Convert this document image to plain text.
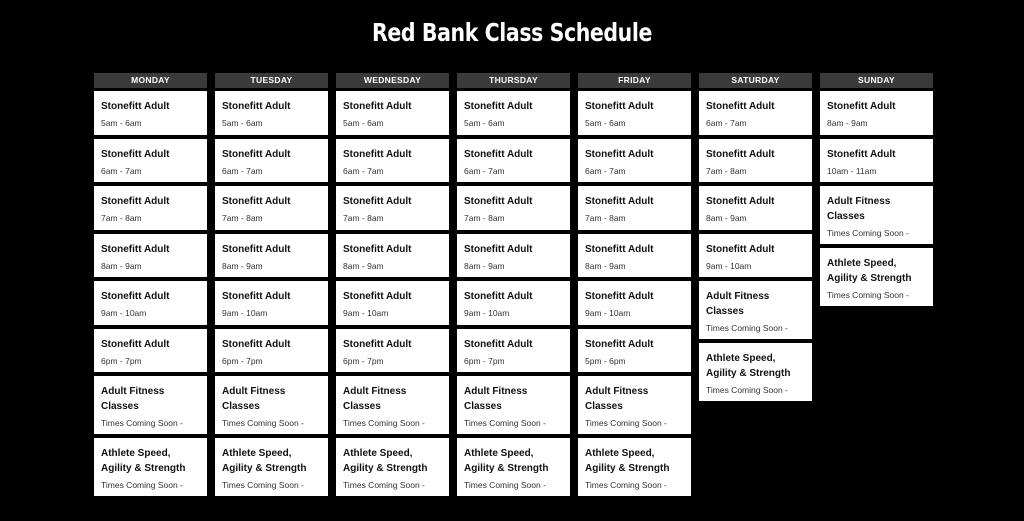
Red Bank Class Schedule
MONDAY
Stonefitt Adult
5am - 6am
Stonefitt Adult
6am - 7am
Stonefitt Adult
7am - 8am
Stonefitt Adult
8am - 9am
Stonefitt Adult
9am - 10am
Stonefitt Adult
6pm - 7pm
Adult Fitness Classes
Times Coming Soon -
Athlete Speed, Agility & Strength
Times Coming Soon -
TUESDAY
Stonefitt Adult
5am - 6am
Stonefitt Adult
6am - 7am
Stonefitt Adult
7am - 8am
Stonefitt Adult
8am - 9am
Stonefitt Adult
9am - 10am
Stonefitt Adult
6pm - 7pm
Adult Fitness Classes
Times Coming Soon -
Athlete Speed, Agility & Strength
Times Coming Soon -
WEDNESDAY
Stonefitt Adult
5am - 6am
Stonefitt Adult
6am - 7am
Stonefitt Adult
7am - 8am
Stonefitt Adult
8am - 9am
Stonefitt Adult
9am - 10am
Stonefitt Adult
6pm - 7pm
Adult Fitness Classes
Times Coming Soon -
Athlete Speed, Agility & Strength
Times Coming Soon -
THURSDAY
Stonefitt Adult
5am - 6am
Stonefitt Adult
6am - 7am
Stonefitt Adult
7am - 8am
Stonefitt Adult
8am - 9am
Stonefitt Adult
9am - 10am
Stonefitt Adult
6pm - 7pm
Adult Fitness Classes
Times Coming Soon -
Athlete Speed, Agility & Strength
Times Coming Soon -
FRIDAY
Stonefitt Adult
5am - 6am
Stonefitt Adult
6am - 7am
Stonefitt Adult
7am - 8am
Stonefitt Adult
8am - 9am
Stonefitt Adult
9am - 10am
Stonefitt Adult
5pm - 6pm
Adult Fitness Classes
Times Coming Soon -
Athlete Speed, Agility & Strength
Times Coming Soon -
SATURDAY
Stonefitt Adult
6am - 7am
Stonefitt Adult
7am - 8am
Stonefitt Adult
8am - 9am
Stonefitt Adult
9am - 10am
Adult Fitness Classes
Times Coming Soon -
Athlete Speed, Agility & Strength
Times Coming Soon -
SUNDAY
Stonefitt Adult
8am - 9am
Stonefitt Adult
10am - 11am
Adult Fitness Classes
Times Coming Soon -
Athlete Speed, Agility & Strength
Times Coming Soon -
